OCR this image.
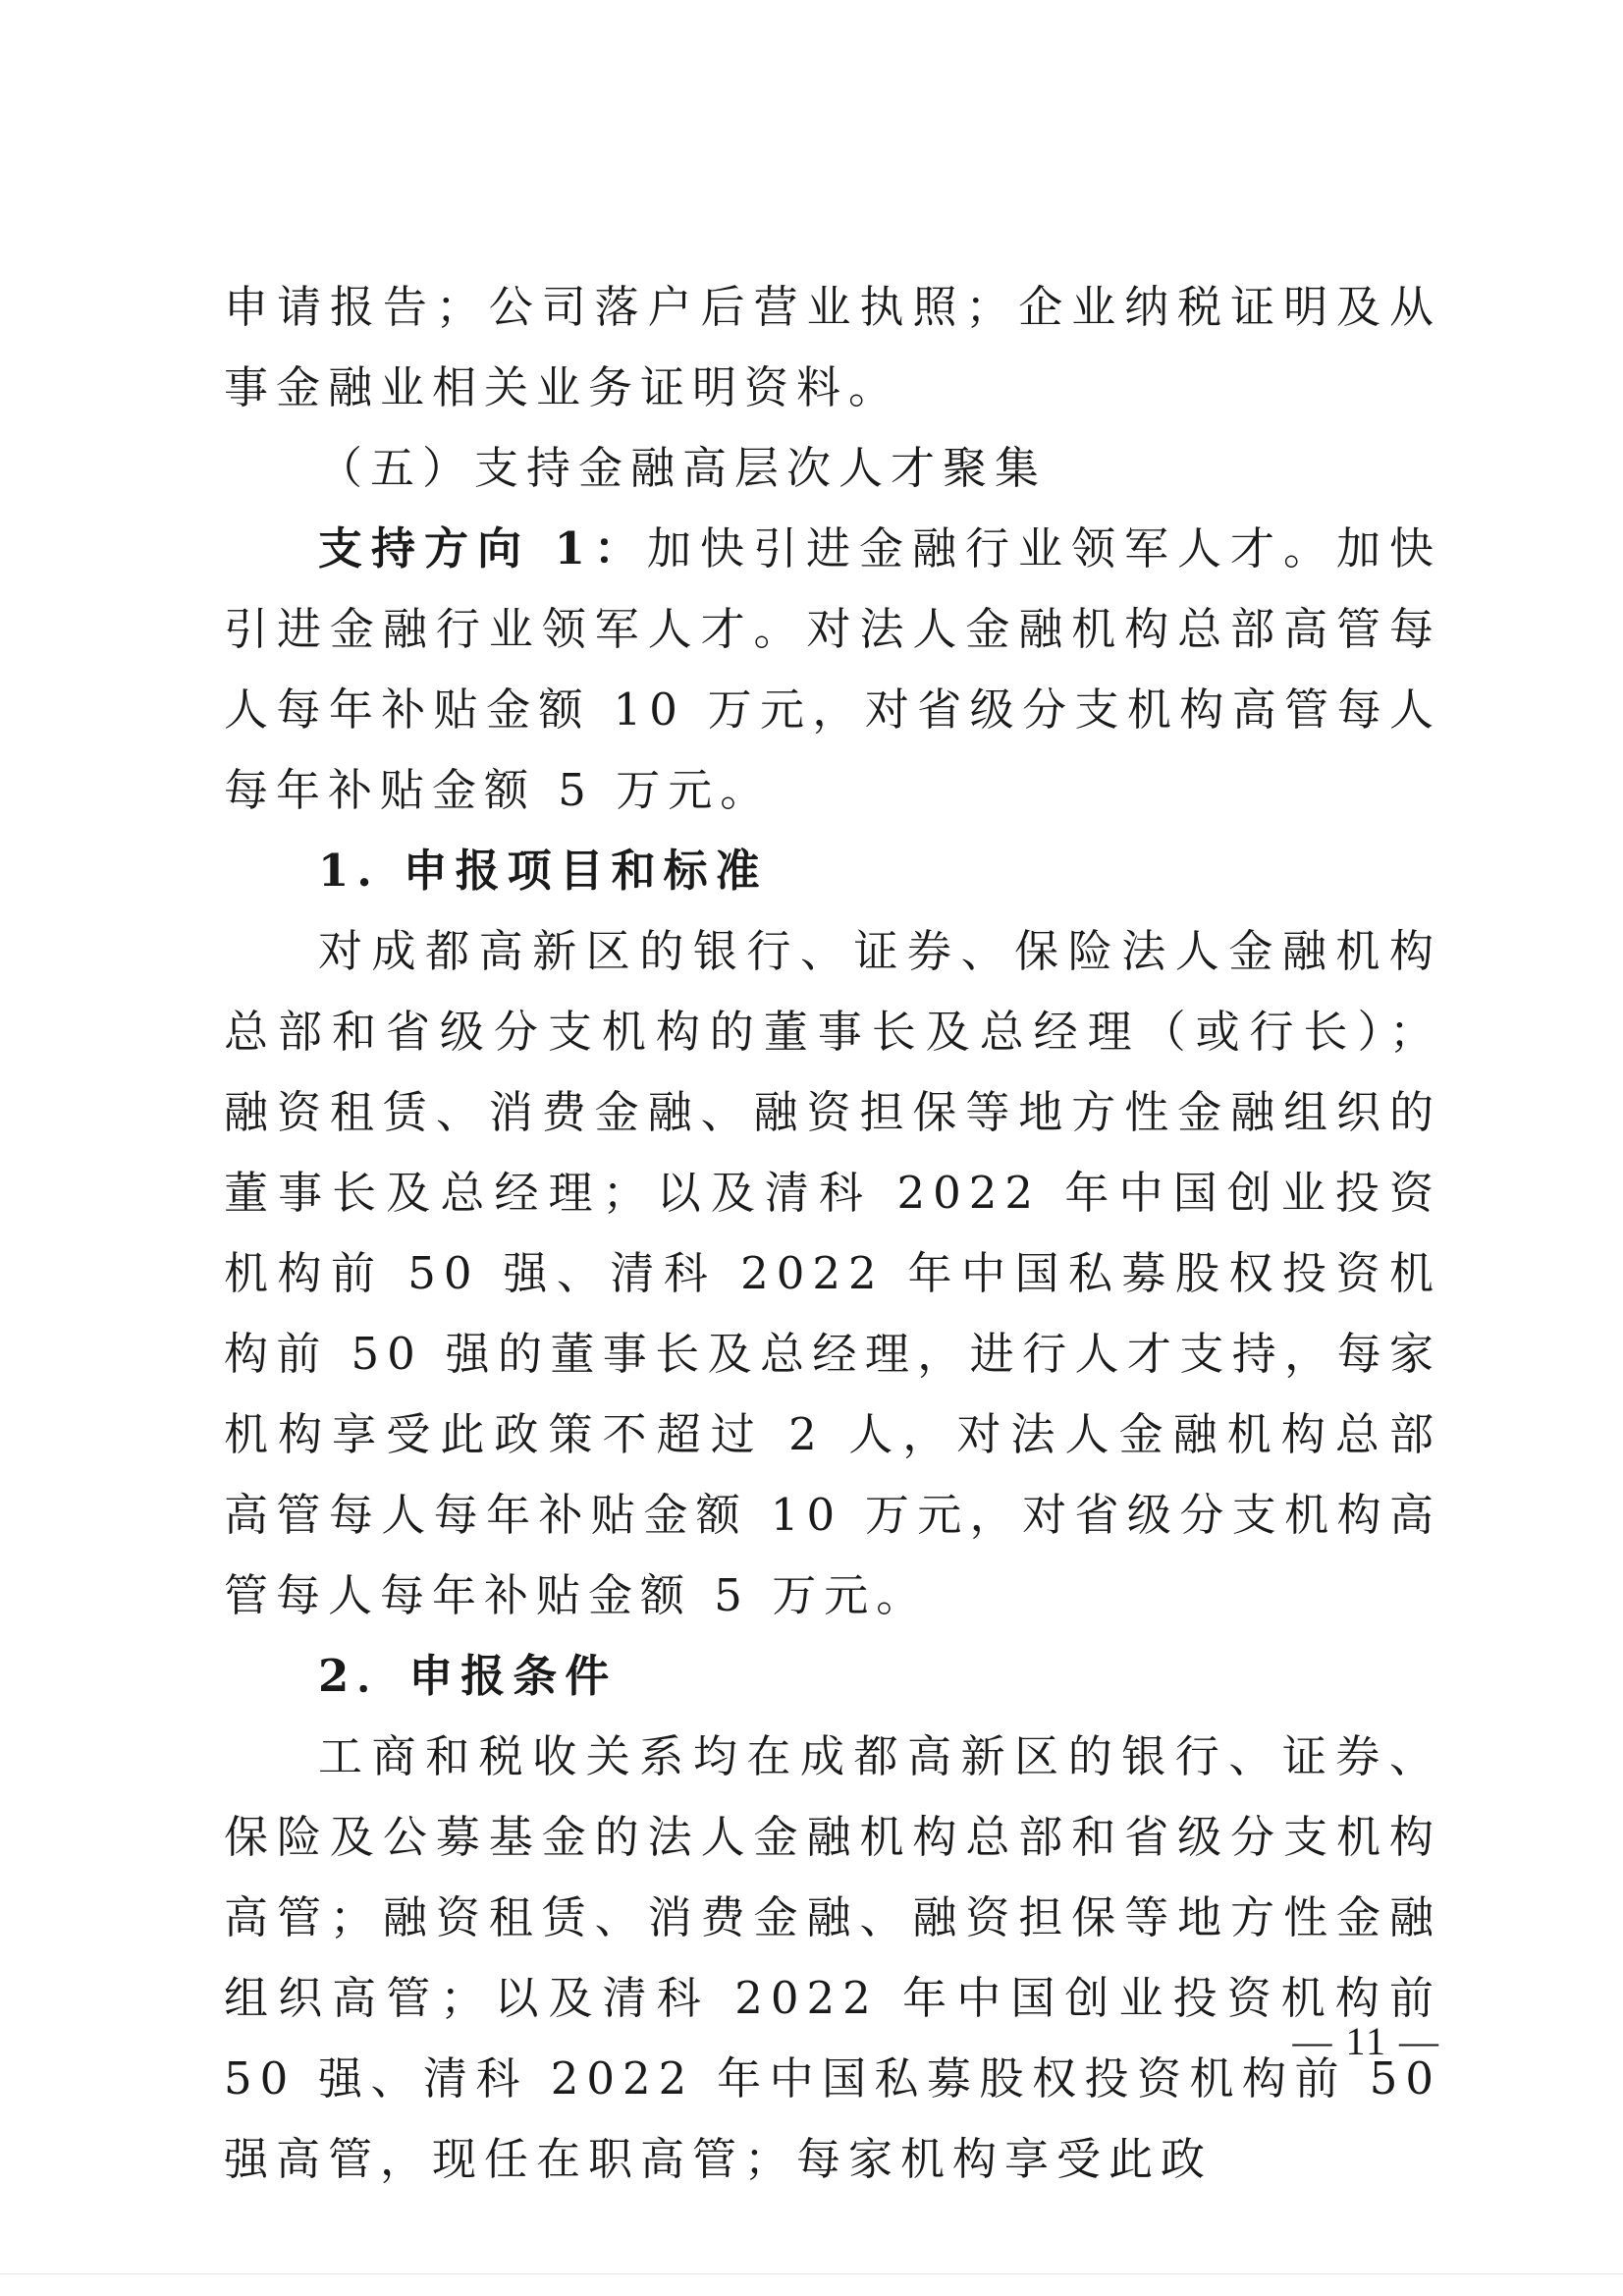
申请报告；公司落户后营业执照；企业纳税证明及从事金融业相关业务证明资料。

（五）支持金融高层次人才聚集

支持方向 1：加快引进金融行业领军人才。加快引进金融行业领军人才。对法人金融机构总部高管每人每年补贴金额 10 万元，对省级分支机构高管每人每年补贴金额 5 万元。

1. 申报项目和标准

对成都高新区的银行、证券、保险法人金融机构总部和省级分支机构的董事长及总经理（或行长）；融资租赁、消费金融、融资担保等地方性金融组织的董事长及总经理；以及清科 2022 年中国创业投资机构前 50 强、清科 2022 年中国私募股权投资机构前 50 强的董事长及总经理，进行人才支持，每家机构享受此政策不超过 2 人，对法人金融机构总部高管每人每年补贴金额 10 万元，对省级分支机构高管每人每年补贴金额 5 万元。

2．申报条件

工商和税收关系均在成都高新区的银行、证券、保险及公募基金的法人金融机构总部和省级分支机构高管；融资租赁、消费金融、融资担保等地方性金融组织高管；以及清科 2022 年中国创业投资机构前 50 强、清科 2022 年中国私募股权投资机构前 50 强高管，现任在职高管；每家机构享受此政

— 11 —
